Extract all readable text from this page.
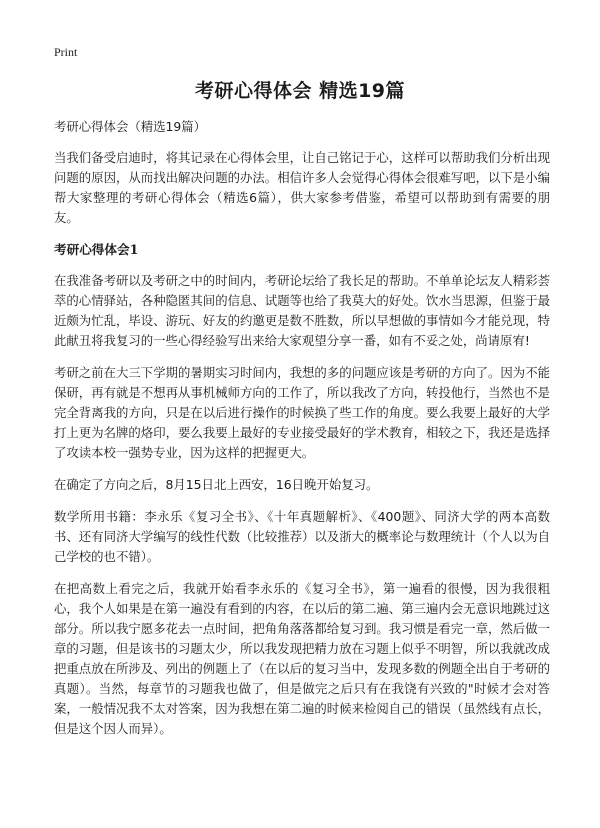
Print
考研心得体会 精选19篇

考研心得体会（精选19篇）

当我们备受启迪时，将其记录在心得体会里，让自己铭记于心，这样可以帮助我们分析出现问题的原因，从而找出解决问题的办法。相信许多人会觉得心得体会很难写吧，以下是小编帮大家整理的考研心得体会（精选6篇），供大家参考借鉴，希望可以帮助到有需要的朋友。

考研心得体会1

在我准备考研以及考研之中的时间内，考研论坛给了我长足的帮助。不单单论坛友人精彩荟萃的心情驿站，各种隐匿其间的信息、试题等也给了我莫大的好处。饮水当思源，但鉴于最近颇为忙乱，毕设、游玩、好友的约邀更是数不胜数，所以早想做的事情如今才能兑现，特此献丑将我复习的一些心得经验写出来给大家观望分享一番，如有不妥之处，尚请原宥!

考研之前在大三下学期的暑期实习时间内，我想的多的问题应该是考研的方向了。因为不能保研，再有就是不想再从事机械师方向的工作了，所以我改了方向，转投他行，当然也不是完全背离我的方向，只是在以后进行操作的时候换了些工作的角度。要么我要上最好的大学打上更为名牌的烙印，要么我要上最好的专业接受最好的学术教育，相较之下，我还是选择了攻读本校一强势专业，因为这样的把握更大。

在确定了方向之后，8月15日北上西安，16日晚开始复习。

数学所用书籍：李永乐《复习全书》、《十年真题解析》、《400题》、同济大学的两本高数书、还有同济大学编写的线性代数（比较推荐）以及浙大的概率论与数理统计（个人以为自己学校的也不错）。

在把高数上看完之后，我就开始看李永乐的《复习全书》，第一遍看的很慢，因为我很粗心，我个人如果是在第一遍没有看到的内容，在以后的第二遍、第三遍内会无意识地跳过这部分。所以我宁愿多花去一点时间，把角角落落都给复习到。我习惯是看完一章，然后做一章的习题，但是该书的习题太少，所以我发现把精力放在习题上似乎不明智，所以我就改成把重点放在所涉及、列出的例题上了（在以后的复习当中，发现多数的例题全出自于考研的真题）。当然，每章节的习题我也做了，但是做完之后只有在我饶有兴致的"时候才会对答案，一般情况我不太对答案，因为我想在第二遍的时候来检阅自己的错误（虽然线有点长，但是这个因人而异）。
